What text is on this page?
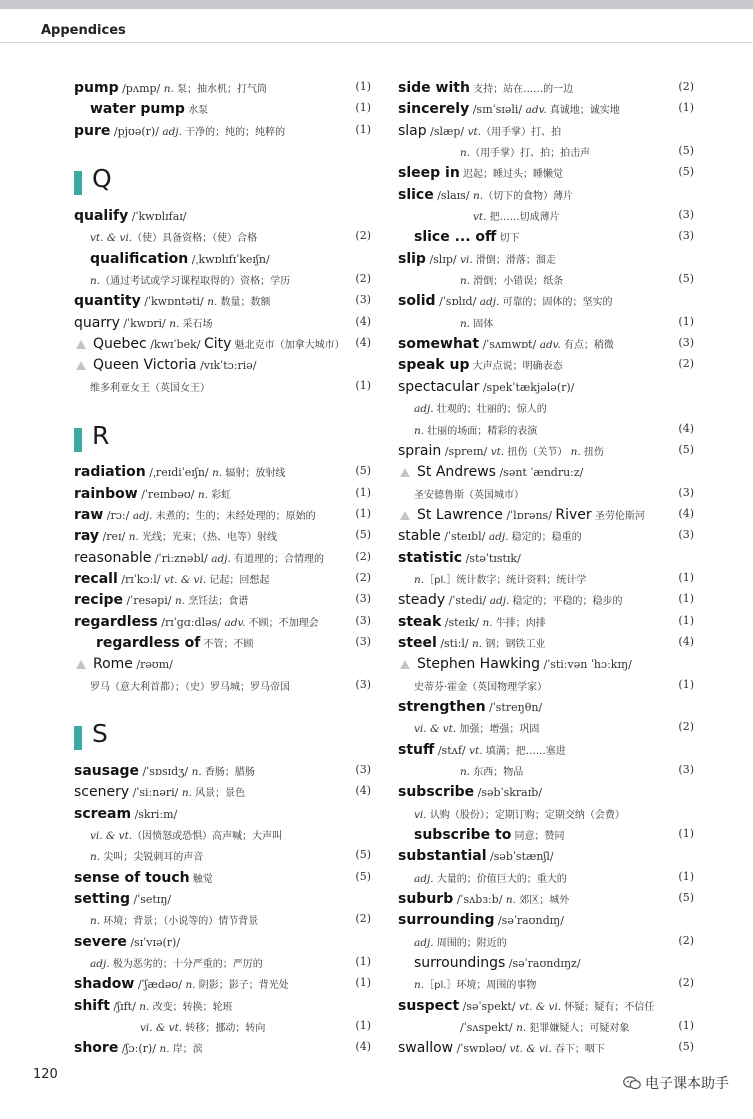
Appendices
pump /pʌmp/ n. 泵；抽水机；打气筒	(1)
water pump 水泵	(1)
pure /pjʊə(r)/ adj. 干净的；纯的；纯粹的	(1)
Q
qualify /ˈkwɒlɪfaɪ/
vt. & vi.（使）具备资格；（使）合格	(2)
qualification /ˌkwɒlɪfɪˈkeɪʃn/
n.（通过考试或学习课程取得的）资格；学历	(2)
quantity /ˈkwɒntəti/ n. 数量；数额	(3)
quarry /ˈkwɒri/ n. 采石场	(4)
Quebec /kwɪˈbek/ City 魁北克市（加拿大城市） (4)
Queen Victoria /vɪkˈtɔːriə/
维多利亚女王（英国女王）	(1)
R
radiation /ˌreɪdiˈeɪʃn/ n. 辐射；放射线	(5)
rainbow /ˈreɪnbəʊ/ n. 彩虹	(1)
raw /rɔː/ adj. 未煮的；生的；未经处理的；原始的	(1)
ray /reɪ/ n. 光线；光束；（热、电等）射线	(5)
reasonable /ˈriːznəbl/ adj. 有道理的；合情理的	(2)
recall /rɪˈkɔːl/ vt. & vi. 记起；回想起	(2)
recipe /ˈresəpi/ n. 烹饪法；食谱	(3)
regardless /rɪˈɡɑːdləs/ adv. 不顾；不加理会	(3)
regardless of 不管；不顾	(3)
Rome /rəʊm/
罗马（意大利首都）；（史）罗马城；罗马帝国	(3)
S
sausage /ˈsɒsɪdʒ/ n. 香肠；腊肠	(3)
scenery /ˈsiːnəri/ n. 风景；景色	(4)
scream /skriːm/
vi. & vt.（因愤怒或恐惧）高声喊；大声叫
n. 尖叫；尖锐刺耳的声音	(5)
sense of touch 触觉	(5)
setting /ˈsetɪŋ/
n. 环境；背景；（小说等的）情节背景	(2)
severe /sɪˈvɪə(r)/
adj. 极为恶劣的；十分严重的；严厉的	(1)
shadow /ˈʃædəʊ/ n. 阴影；影子；背光处	(1)
shift /ʃɪft/ n. 改变；转换；轮班
vi. & vt. 转移；挪动；转向	(1)
shore /ʃɔː(r)/ n. 岸；滨	(4)
side with 支持；站在……的一边	(2)
sincerely /sɪnˈsɪəli/ adv. 真诚地；诚实地	(1)
slap /slæp/ vt.（用手掌）打、拍
n.（用手掌）打、拍；拍击声	(5)
sleep in 迟起；睡过头；睡懒觉	(5)
slice /slaɪs/ n.（切下的食物）薄片
vt. 把……切成薄片	(3)
slice ... off 切下	(3)
slip /slɪp/ vi. 滑倒；滑落；溜走
n. 滑倒；小错误；纸条	(5)
solid /ˈsɒlɪd/ adj. 可靠的；固体的；坚实的
n. 固体	(1)
somewhat /ˈsʌmwɒt/ adv. 有点；稍微	(3)
speak up 大声点说；明确表态	(2)
spectacular /spekˈtækjələ(r)/
adj. 壮观的；壮丽的；惊人的
n. 壮丽的场面；精彩的表演	(4)
sprain /spreɪn/ vt. 扭伤（关节） n. 扭伤	(5)
St Andrews /sənt ˈændruːz/
圣安德鲁斯（英国城市）	(3)
St Lawrence /ˈlɒrəns/ River 圣劳伦斯河	(4)
stable /ˈsteɪbl/ adj. 稳定的；稳重的	(3)
statistic /stəˈtɪstɪk/
n.［pl.］统计数字；统计资料；统计学	(1)
steady /ˈstedi/ adj. 稳定的；平稳的；稳步的	(1)
steak /steɪk/ n. 牛排；肉排	(1)
steel /stiːl/ n. 钢；钢铁工业	(4)
Stephen Hawking /ˈstiːvən ˈhɔːkɪŋ/
史蒂芬·霍金（英国物理学家）	(1)
strengthen /ˈstreŋθn/
vi. & vt. 加强；增强；巩固	(2)
stuff /stʌf/ vt. 填满；把……塞进
n. 东西；物品	(3)
subscribe /səbˈskraɪb/
vi. 认购（股份）；定期订购；定期交纳（会费）
subscribe to 同意；赞同	(1)
substantial /səbˈstænʃl/
adj. 大量的；价值巨大的；重大的	(1)
suburb /ˈsʌbɜːb/ n. 郊区；城外	(5)
surrounding /səˈraʊndɪŋ/
adj. 周围的；附近的	(2)
surroundings /səˈraʊndɪŋz/
n.［pl.］环境；周围的事物	(2)
suspect /səˈspekt/ vt. & vi. 怀疑；疑有；不信任
/ˈsʌspekt/ n. 犯罪嫌疑人；可疑对象	(1)
swallow /ˈswɒləʊ/ vt. & vi. 吞下；咽下	(5)
120
电子课本助手
